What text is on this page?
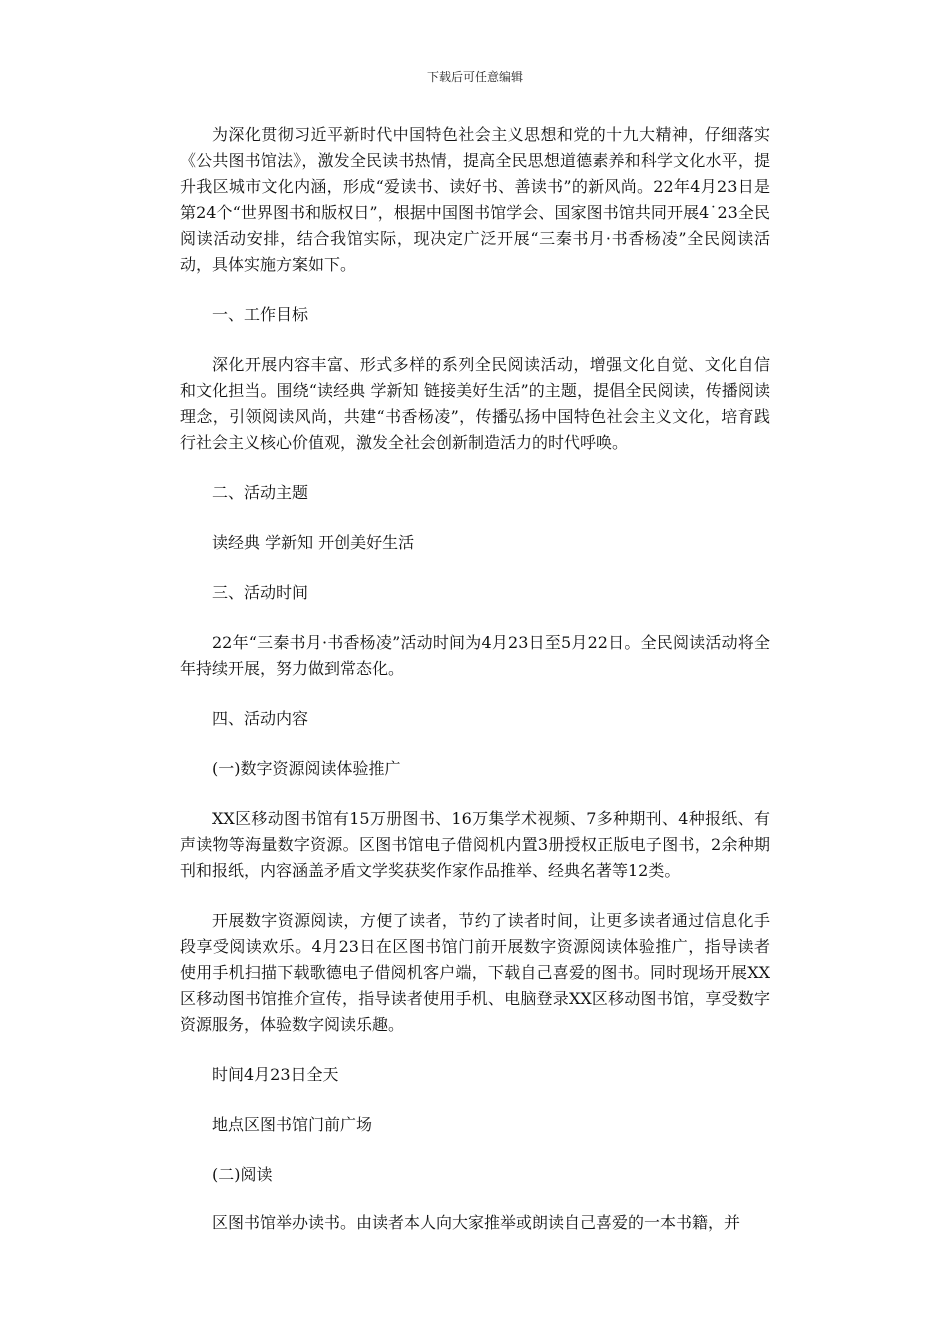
下载后可任意编辑

为深化贯彻习近平新时代中国特色社会主义思想和党的十九大精神，仔细落实《公共图书馆法》，激发全民读书热情，提高全民思想道德素养和科学文化水平，提升我区城市文化内涵，形成“爱读书、读好书、善读书”的新风尚。22年4月23日是第24个“世界图书和版权日”，根据中国图书馆学会、国家图书馆共同开展4˙23全民阅读活动安排，结合我馆实际，现决定广泛开展“三秦书月·书香杨凌”全民阅读活动，具体实施方案如下。

一、工作目标

深化开展内容丰富、形式多样的系列全民阅读活动，增强文化自觉、文化自信和文化担当。围绕“读经典 学新知 链接美好生活”的主题，提倡全民阅读，传播阅读理念，引领阅读风尚，共建“书香杨凌”，传播弘扬中国特色社会主义文化，培育践行社会主义核心价值观，激发全社会创新制造活力的时代呼唤。

二、活动主题

读经典 学新知 开创美好生活

三、活动时间

22年“三秦书月·书香杨凌”活动时间为4月23日至5月22日。全民阅读活动将全年持续开展，努力做到常态化。

四、活动内容

(一)数字资源阅读体验推广

XX区移动图书馆有15万册图书、16万集学术视频、7多种期刊、4种报纸、有声读物等海量数字资源。区图书馆电子借阅机内置3册授权正版电子图书，2余种期刊和报纸，内容涵盖矛盾文学奖获奖作家作品推举、经典名著等12类。

开展数字资源阅读，方便了读者，节约了读者时间，让更多读者通过信息化手段享受阅读欢乐。4月23日在区图书馆门前开展数字资源阅读体验推广，指导读者使用手机扫描下载歌德电子借阅机客户端，下载自己喜爱的图书。同时现场开展XX区移动图书馆推介宣传，指导读者使用手机、电脑登录XX区移动图书馆，享受数字资源服务，体验数字阅读乐趣。

时间4月23日全天

地点区图书馆门前广场

(二)阅读

区图书馆举办读书。由读者本人向大家推举或朗读自己喜爱的一本书籍，并
